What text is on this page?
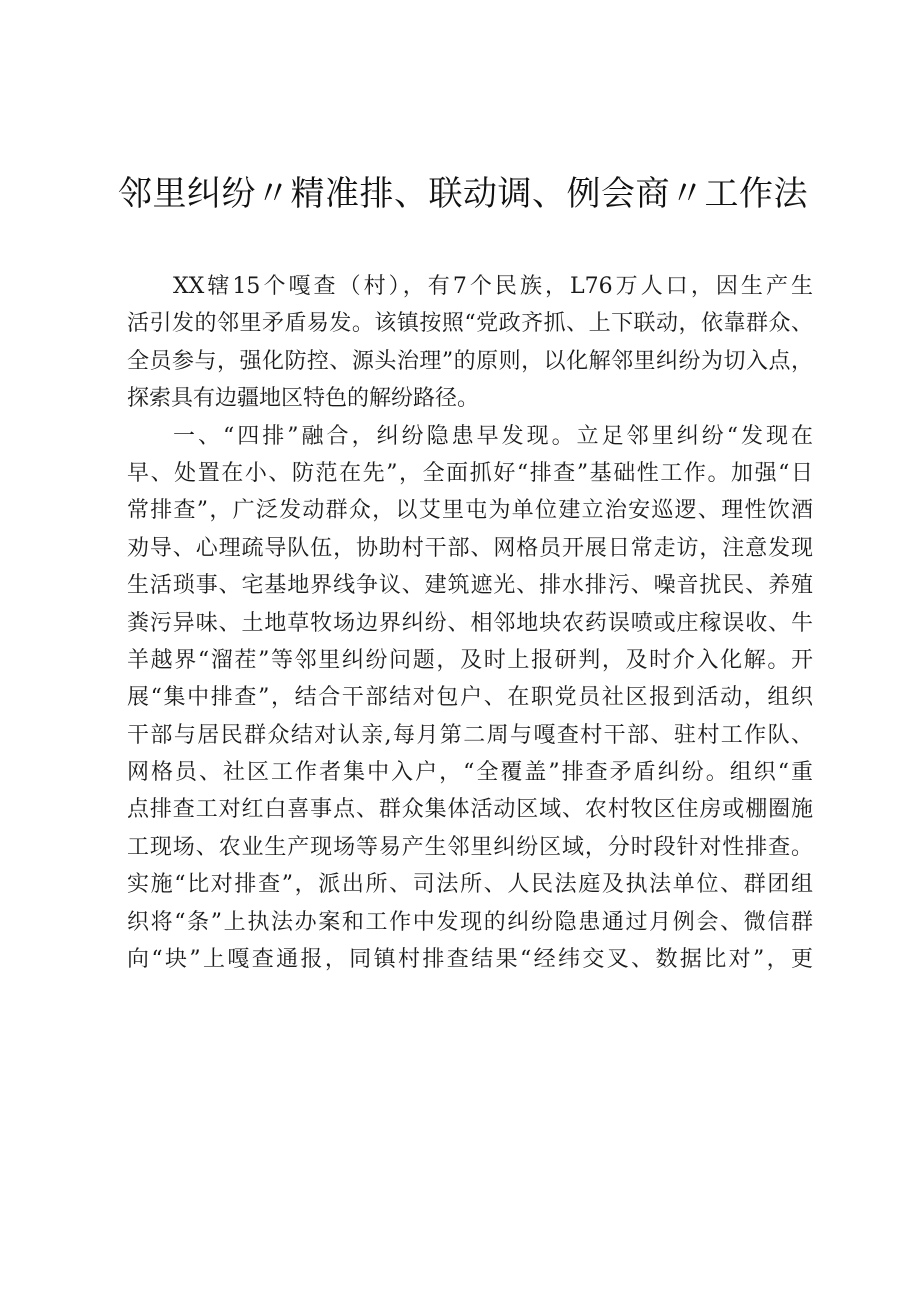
邻里纠纷〃精准排、联动调、例会商〃工作法
XX辖15个嘎查（村），有7个民族，L76万人口，因生产生
活引发的邻里矛盾易发。该镇按照“党政齐抓、上下联动，依靠群众、
全员参与，强化防控、源头治理”的原则，以化解邻里纠纷为切入点，
探索具有边疆地区特色的解纷路径。
一、“四排”融合，纠纷隐患早发现。立足邻里纠纷“发现在
早、处置在小、防范在先”，全面抓好“排查”基础性工作。加强“日
常排查”，广泛发动群众，以艾里屯为单位建立治安巡逻、理性饮酒
劝导、心理疏导队伍，协助村干部、网格员开展日常走访，注意发现
生活琐事、宅基地界线争议、建筑遮光、排水排污、噪音扰民、养殖
粪污异味、土地草牧场边界纠纷、相邻地块农药误喷或庄稼误收、牛
羊越界“溜茬”等邻里纠纷问题，及时上报研判，及时介入化解。开
展“集中排查”，结合干部结对包户、在职党员社区报到活动，组织
干部与居民群众结对认亲,每月第二周与嘎查村干部、驻村工作队、
网格员、社区工作者集中入户，“全覆盖”排查矛盾纠纷。组织“重
点排查工对红白喜事点、群众集体活动区域、农村牧区住房或棚圈施
工现场、农业生产现场等易产生邻里纠纷区域，分时段针对性排查。
实施“比对排查”，派出所、司法所、人民法庭及执法单位、群团组
织将“条”上执法办案和工作中发现的纠纷隐患通过月例会、微信群
向“块”上嘎查通报，同镇村排查结果“经纬交叉、数据比对”，更
